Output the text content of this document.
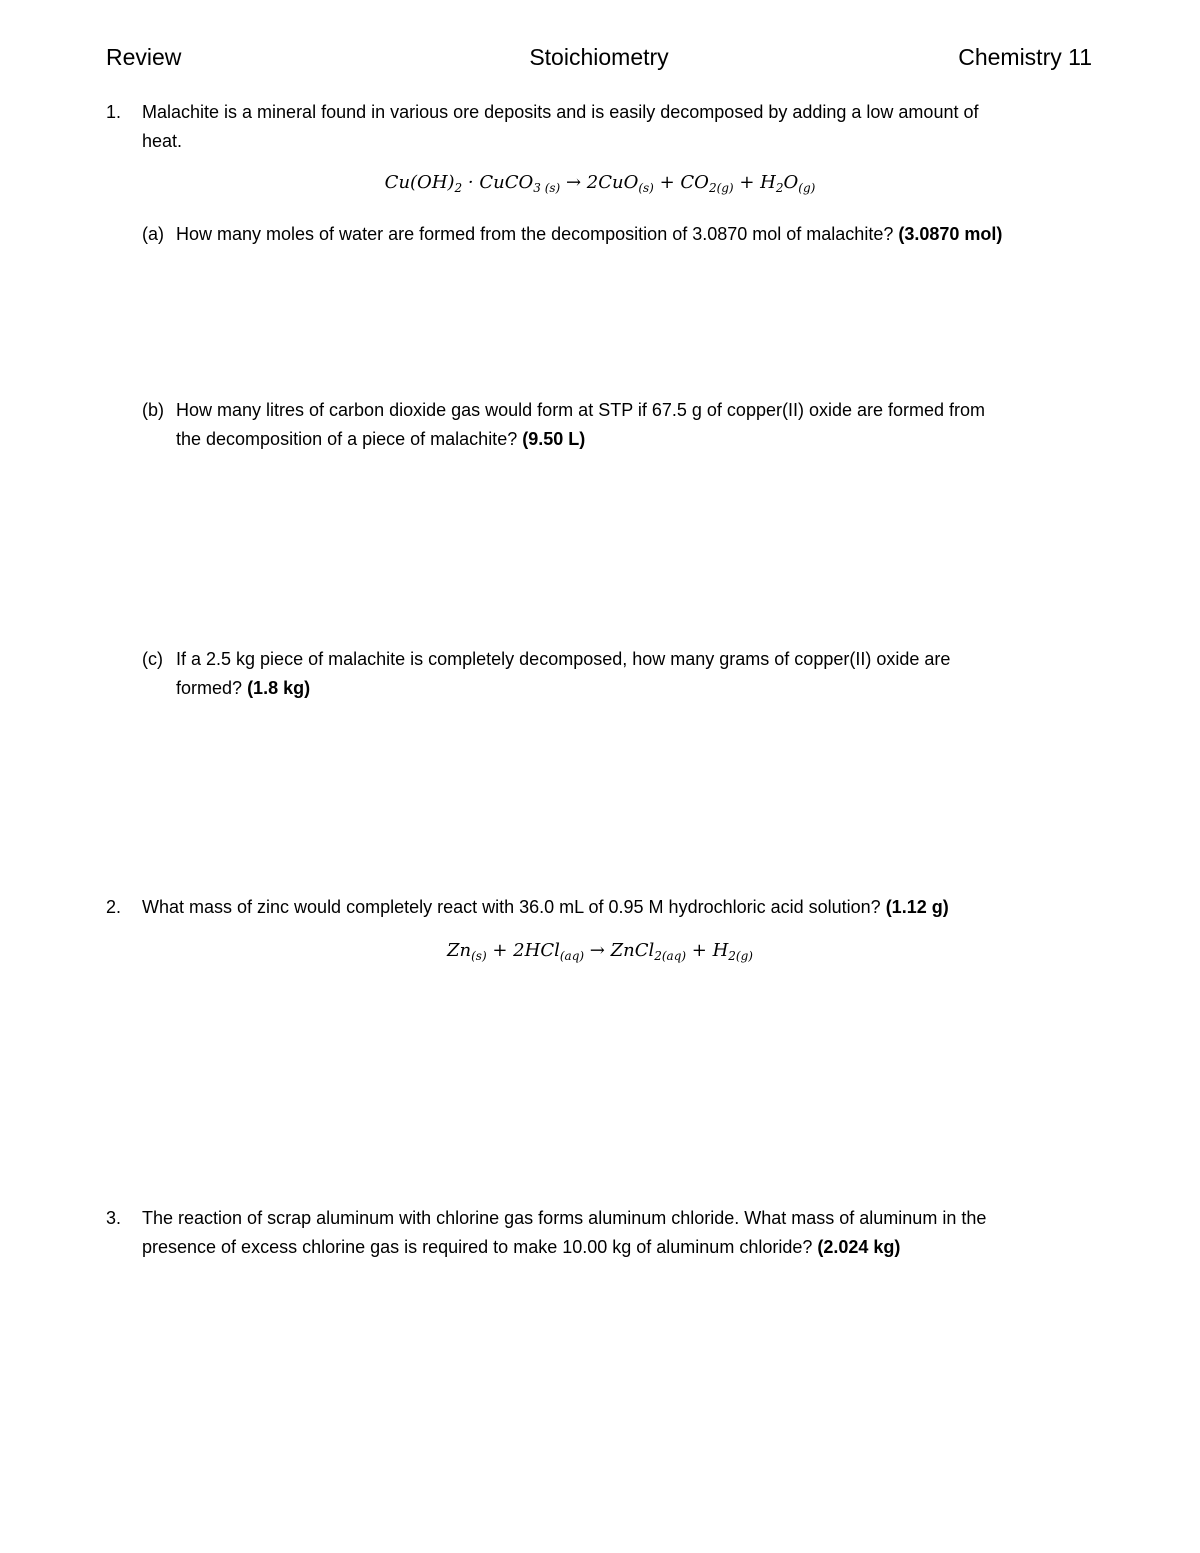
Review	Stoichiometry	Chemistry 11
1. Malachite is a mineral found in various ore deposits and is easily decomposed by adding a low amount of
heat.
$Cu(OH)_2$ · CuCO$_{3 (s)}$ → $2CuO_{(s)} + CO_{2(g)} + H_2O_{(g)}$
(a) How many moles of water are formed from the decomposition of 3.0870 mol of malachite? (3.0870 mol)
(b) How many litres of carbon dioxide gas would form at STP if 67.5 g of copper(II) oxide are formed from
the decomposition of a piece of malachite? (9.50 L)
(c) If a 2.5 kg piece of malachite is completely decomposed, how many grams of copper(II) oxide are
formed? (1.8 kg)
2. What mass of zinc would completely react with 36.0 mL of 0.95 M hydrochloric acid solution? (1.12 g)
$Zn_{(s)} + 2HCl_{(aq)}$ → ZnCl$_{2(aq)}$ + $H_{2(g)}$
3. The reaction of scrap aluminum with chlorine gas forms aluminum chloride. What mass of aluminum in the
presence of excess chlorine gas is required to make 10.00 kg of aluminum chloride? (2.024 kg)
